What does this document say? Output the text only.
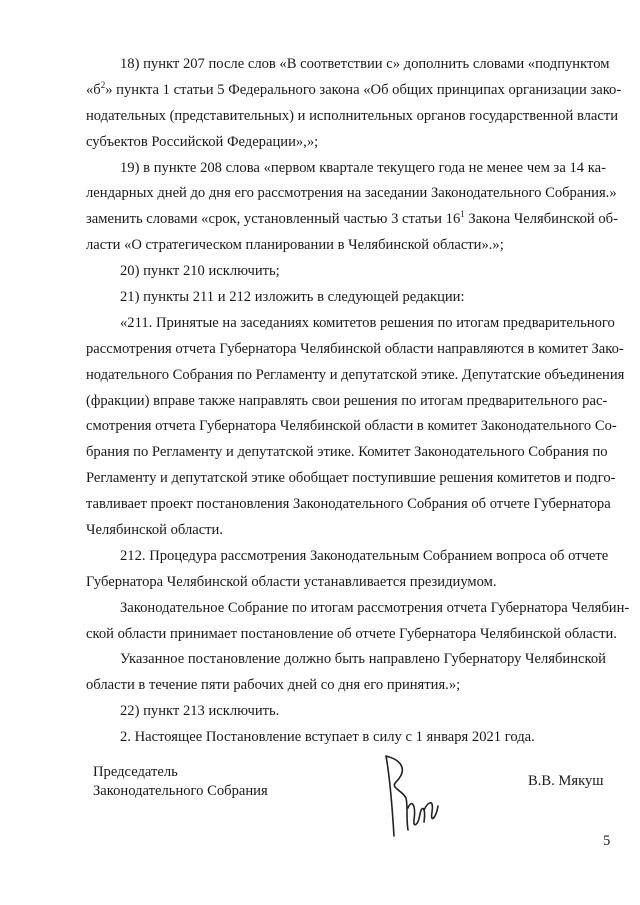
18) пункт 207 после слов «В соответствии с» дополнить словами «подпунктом
«$б^2$» пункта 1 статьи 5 Федерального закона «Об общих принципах организации зако-
нодательных (представительных) и исполнительных органов государственной власти
субъектов Российской Федерации»,»;
19) в пункте 208 слова «первом квартале текущего года не менее чем за 14 ка-
лендарных дней до дня его рассмотрения на заседании Законодательного Собрания.»
заменить словами «срок, установленный частью 3 статьи $16^1$ Закона Челябинской об-
ласти «О стратегическом планировании в Челябинской области».»;
20) пункт 210 исключить;
21) пункты 211 и 212 изложить в следующей редакции:
«211. Принятые на заседаниях комитетов решения по итогам предварительного
рассмотрения отчета Губернатора Челябинской области направляются в комитет Зако-
нодательного Собрания по Регламенту и депутатской этике. Депутатские объединения
(фракции) вправе также направлять свои решения по итогам предварительного рас-
смотрения отчета Губернатора Челябинской области в комитет Законодательного Со-
брания по Регламенту и депутатской этике. Комитет Законодательного Собрания по
Регламенту и депутатской этике обобщает поступившие решения комитетов и подго-
тавливает проект постановления Законодательного Собрания об отчете Губернатора
Челябинской области.
212. Процедура рассмотрения Законодательным Собранием вопроса об отчете
Губернатора Челябинской области устанавливается президиумом.
Законодательное Собрание по итогам рассмотрения отчета Губернатора Челябин-
ской области принимает постановление об отчете Губернатора Челябинской области.
Указанное постановление должно быть направлено Губернатору Челябинской
области в течение пяти рабочих дней со дня его принятия.»;
22) пункт 213 исключить.
2. Настоящее Постановление вступает в силу с 1 января 2021 года.
Председатель
Законодательного Собрания
В.В. Мякуш
5
